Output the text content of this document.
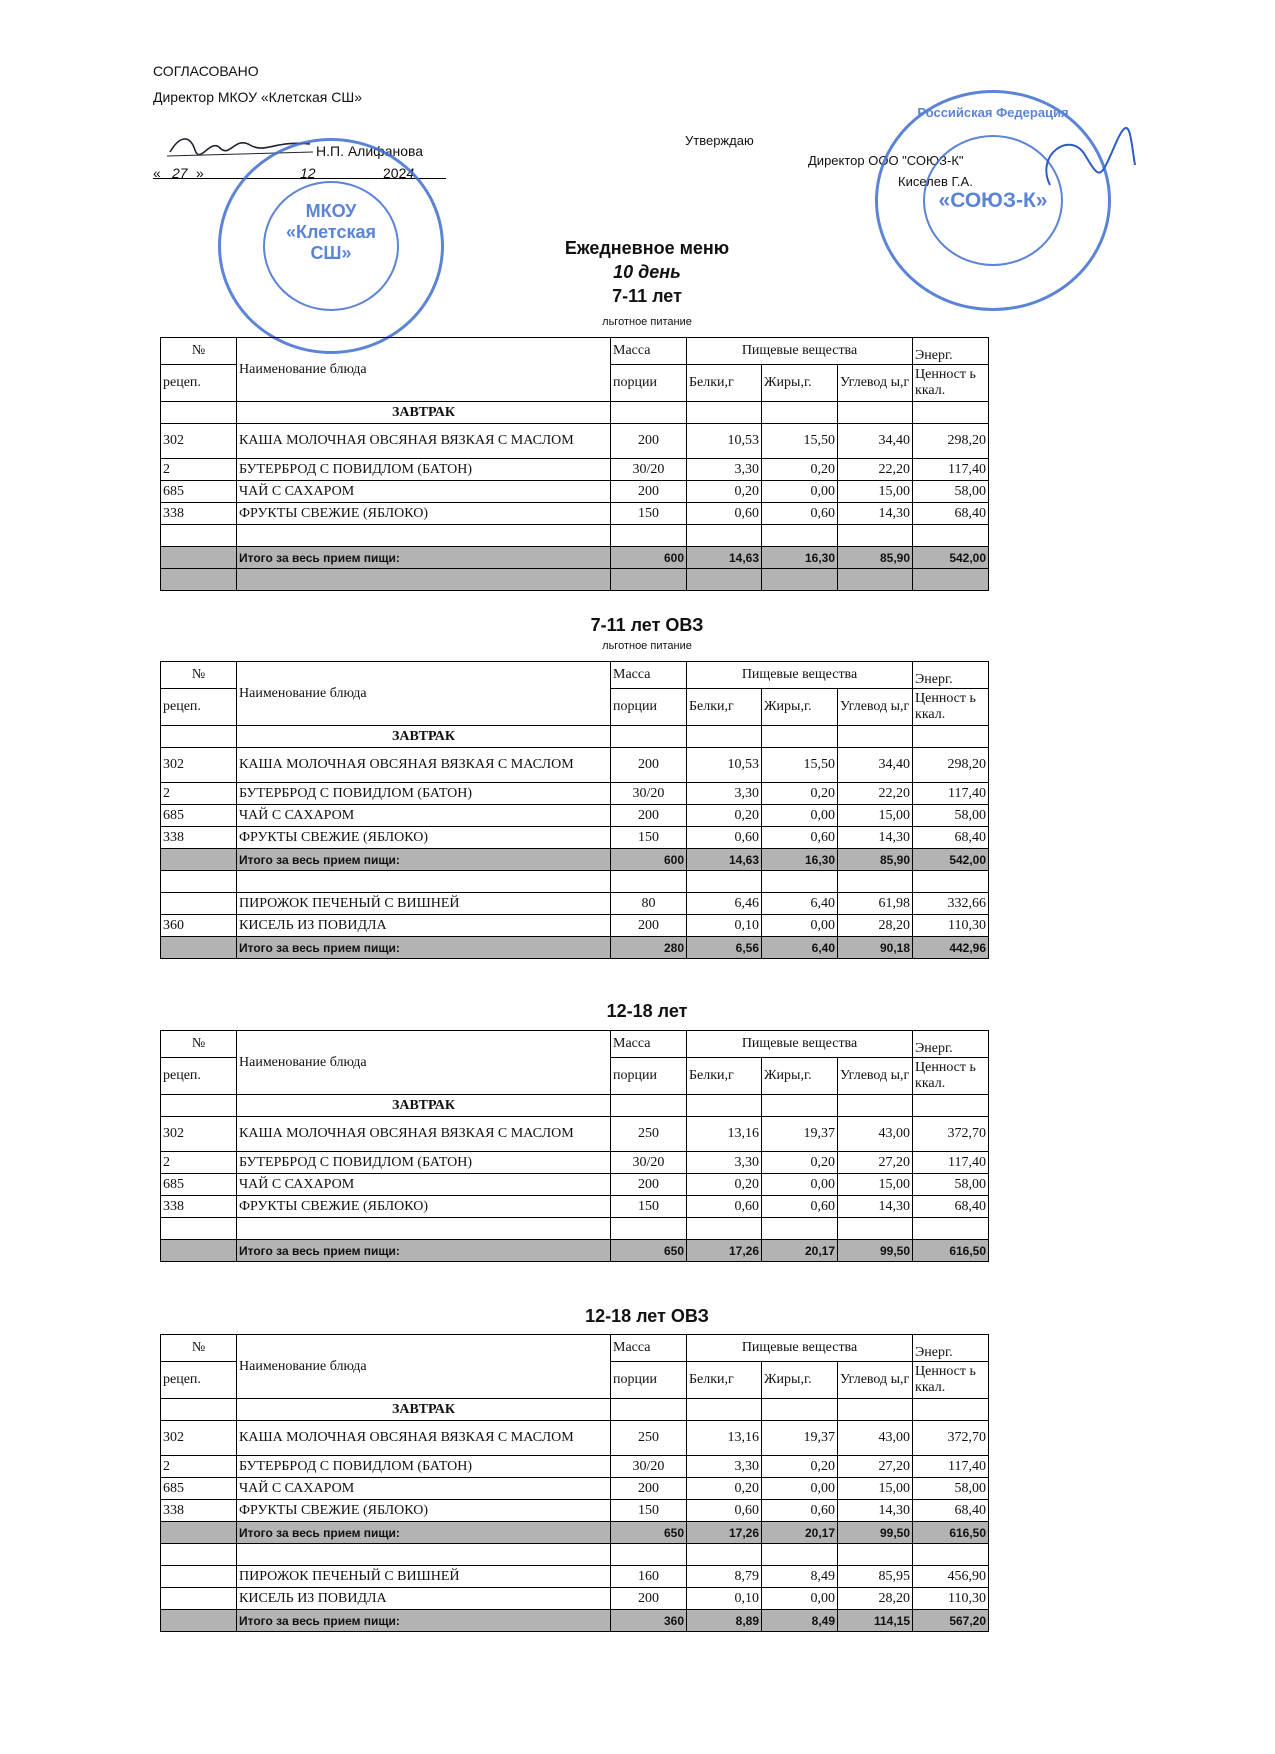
СОГЛАСОВАНО
Директор МКОУ «Клетская СШ»
Н.П. Алифанова
« 27 »	12	2024
МКОУ
«Клетская
СШ»
Утверждаю
Директор ООО "СОЮЗ-К"
Киселев Г.А.
Российская Федерация
«СОЮЗ-К»
Ежедневное меню
10 день
7-11 лет
льготное питание
7-11 лет ОВЗ
льготное питание
12-18 лет
12-18 лет ОВЗ
№	Наименование блюда	Масса	Пищевые вещества			Энерг.
рецеп.		порции	Белки,г	Жиры,г.	Углевод ы,г	Ценност ь ккал.
	ЗАВТРАК					
302	КАША МОЛОЧНАЯ ОВСЯНАЯ ВЯЗКАЯ С МАСЛОМ	200	10,53	15,50	34,40	298,20
2	БУТЕРБРОД С ПОВИДЛОМ (БАТОН)	30/20	3,30	0,20	22,20	117,40
685	ЧАЙ С САХАРОМ	200	0,20	0,00	15,00	58,00
338	ФРУКТЫ СВЕЖИЕ (ЯБЛОКО)	150	0,60	0,60	14,30	68,40

	Итого за весь прием пищи:	600	14,63	16,30	85,90	542,00

№	Наименование блюда	Масса	Пищевые вещества			Энерг.
рецеп.		порции	Белки,г	Жиры,г.	Углевод ы,г	Ценност ь ккал.
	ЗАВТРАК					
302	КАША МОЛОЧНАЯ ОВСЯНАЯ ВЯЗКАЯ С МАСЛОМ	200	10,53	15,50	34,40	298,20
2	БУТЕРБРОД С ПОВИДЛОМ (БАТОН)	30/20	3,30	0,20	22,20	117,40
685	ЧАЙ С САХАРОМ	200	0,20	0,00	15,00	58,00
338	ФРУКТЫ СВЕЖИЕ (ЯБЛОКО)	150	0,60	0,60	14,30	68,40
	Итого за весь прием пищи:	600	14,63	16,30	85,90	542,00

	ПИРОЖОК ПЕЧЕНЫЙ С ВИШНЕЙ	80	6,46	6,40	61,98	332,66
360	КИСЕЛЬ ИЗ ПОВИДЛА	200	0,10	0,00	28,20	110,30
	Итого за весь прием пищи:	280	6,56	6,40	90,18	442,96
№	Наименование блюда	Масса	Пищевые вещества			Энерг.
рецеп.		порции	Белки,г	Жиры,г.	Углевод ы,г	Ценност ь ккал.
	ЗАВТРАК					
302	КАША МОЛОЧНАЯ ОВСЯНАЯ ВЯЗКАЯ С МАСЛОМ	250	13,16	19,37	43,00	372,70
2	БУТЕРБРОД С ПОВИДЛОМ (БАТОН)	30/20	3,30	0,20	27,20	117,40
685	ЧАЙ С САХАРОМ	200	0,20	0,00	15,00	58,00
338	ФРУКТЫ СВЕЖИЕ (ЯБЛОКО)	150	0,60	0,60	14,30	68,40

	Итого за весь прием пищи:	650	17,26	20,17	99,50	616,50
№	Наименование блюда	Масса	Пищевые вещества			Энерг.
рецеп.		порции	Белки,г	Жиры,г.	Углевод ы,г	Ценност ь ккал.
	ЗАВТРАК					
302	КАША МОЛОЧНАЯ ОВСЯНАЯ ВЯЗКАЯ С МАСЛОМ	250	13,16	19,37	43,00	372,70
2	БУТЕРБРОД С ПОВИДЛОМ (БАТОН)	30/20	3,30	0,20	27,20	117,40
685	ЧАЙ С САХАРОМ	200	0,20	0,00	15,00	58,00
338	ФРУКТЫ СВЕЖИЕ (ЯБЛОКО)	150	0,60	0,60	14,30	68,40
	Итого за весь прием пищи:	650	17,26	20,17	99,50	616,50

	ПИРОЖОК ПЕЧЕНЫЙ С ВИШНЕЙ	160	8,79	8,49	85,95	456,90
	КИСЕЛЬ ИЗ ПОВИДЛА	200	0,10	0,00	28,20	110,30
	Итого за весь прием пищи:	360	8,89	8,49	114,15	567,20
